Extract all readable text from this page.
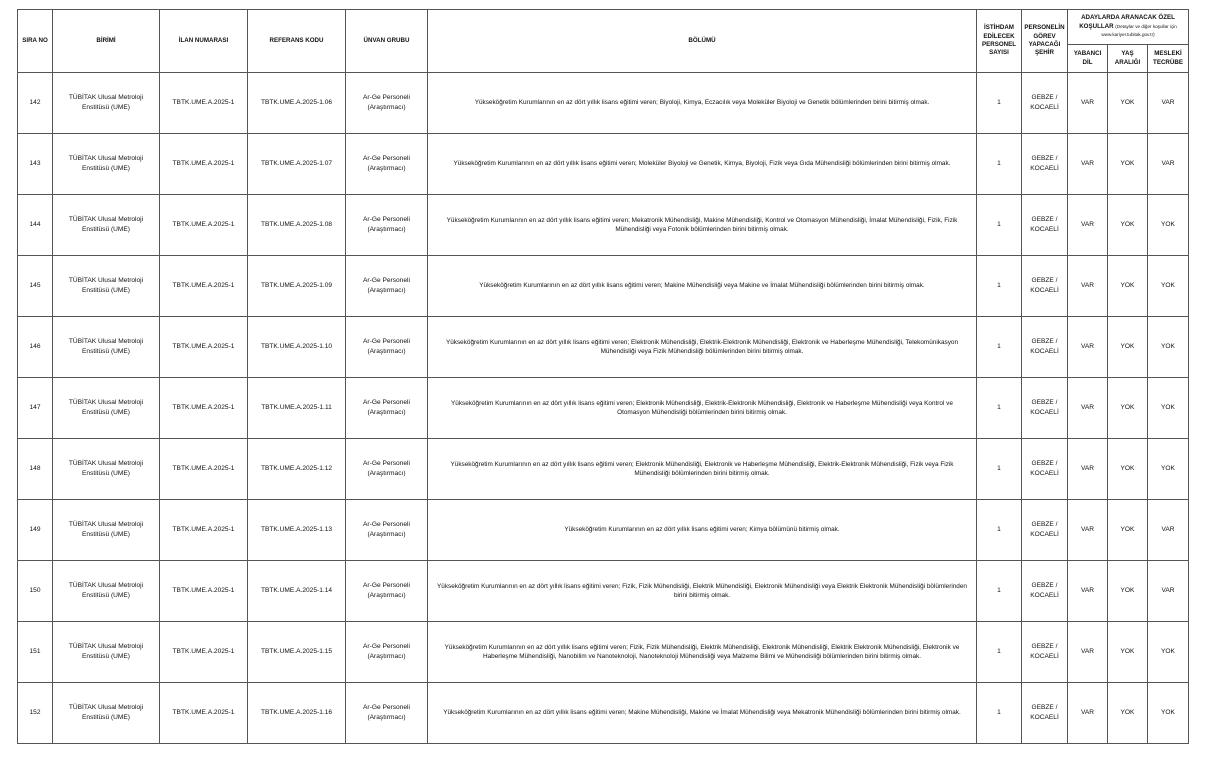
SIRA NO	BİRİMİ	İLAN NUMARASI	REFERANS KODU	ÜNVAN GRUBU	BÖLÜMÜ	İSTİHDAM EDİLECEK PERSONEL SAYISI	PERSONELİN GÖREV YAPACAĞI ŞEHİR	ADAYLARDA ARANACAK ÖZEL
KOŞULLAR (Detaylar ve diğer koşullar için www.kariyer.tubitak.gov.tr)		

								YABANCI DİL	YAŞ ARALIĞI	MESLEKİ TECRÜBE
142	TÜBİTAK Ulusal Metroloji Enstitüsü (UME)	TBTK.UME.A.2025-1	TBTK.UME.A.2025-1.06	Ar-Ge Personeli (Araştırmacı)	Yükseköğretim Kurumlarının en az dört yıllık lisans eğitimi veren; Biyoloji, Kimya, Eczacılık veya Moleküler Biyoloji ve Genetik bölümlerinden birini bitirmiş olmak.	1	GEBZE / KOCAELİ	VAR	YOK	VAR
143	TÜBİTAK Ulusal Metroloji Enstitüsü (UME)	TBTK.UME.A.2025-1	TBTK.UME.A.2025-1.07	Ar-Ge Personeli (Araştırmacı)	Yükseköğretim Kurumlarının en az dört yıllık lisans eğitimi veren; Moleküler Biyoloji ve Genetik, Kimya, Biyoloji, Fizik veya Gıda Mühendisliği bölümlerinden birini bitirmiş olmak.	1	GEBZE / KOCAELİ	VAR	YOK	VAR
144	TÜBİTAK Ulusal Metroloji Enstitüsü (UME)	TBTK.UME.A.2025-1	TBTK.UME.A.2025-1.08	Ar-Ge Personeli (Araştırmacı)	Yükseköğretim Kurumlarının en az dört yıllık lisans eğitimi veren; Mekatronik Mühendisliği, Makine Mühendisliği, Kontrol ve Otomasyon Mühendisliği, İmalat Mühendisliği, Fizik, Fizik Mühendisliği veya Fotonik bölümlerinden birini bitirmiş olmak.	1	GEBZE / KOCAELİ	VAR	YOK	YOK
145	TÜBİTAK Ulusal Metroloji Enstitüsü (UME)	TBTK.UME.A.2025-1	TBTK.UME.A.2025-1.09	Ar-Ge Personeli (Araştırmacı)	Yükseköğretim Kurumlarının en az dört yıllık lisans eğitimi veren; Makine Mühendisliği veya Makine ve İmalat Mühendisliği bölümlerinden birini bitirmiş olmak.	1	GEBZE / KOCAELİ	VAR	YOK	YOK
146	TÜBİTAK Ulusal Metroloji Enstitüsü (UME)	TBTK.UME.A.2025-1	TBTK.UME.A.2025-1.10	Ar-Ge Personeli (Araştırmacı)	Yükseköğretim Kurumlarının en az dört yıllık lisans eğitimi veren; Elektronik Mühendisliği, Elektrik-Elektronik Mühendisliği, Elektronik ve Haberleşme Mühendisliği, Telekomünikasyon Mühendisliği veya Fizik Mühendisliği bölümlerinden birini bitirmiş olmak.	1	GEBZE / KOCAELİ	VAR	YOK	YOK
147	TÜBİTAK Ulusal Metroloji Enstitüsü (UME)	TBTK.UME.A.2025-1	TBTK.UME.A.2025-1.11	Ar-Ge Personeli (Araştırmacı)	Yükseköğretim Kurumlarının en az dört yıllık lisans eğitimi veren; Elektronik Mühendisliği, Elektrik-Elektronik Mühendisliği, Elektronik ve Haberleşme Mühendisliği veya Kontrol ve Otomasyon Mühendisliği bölümlerinden birini bitirmiş olmak.	1	GEBZE / KOCAELİ	VAR	YOK	YOK
148	TÜBİTAK Ulusal Metroloji Enstitüsü (UME)	TBTK.UME.A.2025-1	TBTK.UME.A.2025-1.12	Ar-Ge Personeli (Araştırmacı)	Yükseköğretim Kurumlarının en az dört yıllık lisans eğitimi veren; Elektronik Mühendisliği, Elektronik ve Haberleşme Mühendisliği, Elektrik-Elektronik Mühendisliği, Fizik veya Fizik Mühendisliği bölümlerinden birini bitirmiş olmak.	1	GEBZE / KOCAELİ	VAR	YOK	YOK
149	TÜBİTAK Ulusal Metroloji Enstitüsü (UME)	TBTK.UME.A.2025-1	TBTK.UME.A.2025-1.13	Ar-Ge Personeli (Araştırmacı)	Yükseköğretim Kurumlarının en az dört yıllık lisans eğitimi veren; Kimya bölümünü bitirmiş olmak.	1	GEBZE / KOCAELİ	VAR	YOK	VAR
150	TÜBİTAK Ulusal Metroloji Enstitüsü (UME)	TBTK.UME.A.2025-1	TBTK.UME.A.2025-1.14	Ar-Ge Personeli (Araştırmacı)	Yükseköğretim Kurumlarının en az dört yıllık lisans eğitimi veren; Fizik, Fizik Mühendisliği, Elektrik Mühendisliği, Elektronik Mühendisliği veya Elektrik Elektronik Mühendisliği bölümlerinden birini bitirmiş olmak.	1	GEBZE / KOCAELİ	VAR	YOK	VAR
151	TÜBİTAK Ulusal Metroloji Enstitüsü (UME)	TBTK.UME.A.2025-1	TBTK.UME.A.2025-1.15	Ar-Ge Personeli (Araştırmacı)	Yükseköğretim Kurumlarının en az dört yıllık lisans eğitimi veren; Fizik, Fizik Mühendisliği, Elektrik Mühendisliği, Elektronik Mühendisliği, Elektrik Elektronik Mühendisliği, Elektronik ve Haberleşme Mühendisliği, Nanobilim ve Nanoteknoloji, Nanoteknoloji Mühendisliği veya Malzeme Bilimi ve Mühendisliği bölümlerinden birini bitirmiş olmak.	1	GEBZE / KOCAELİ	VAR	YOK	YOK
152	TÜBİTAK Ulusal Metroloji Enstitüsü (UME)	TBTK.UME.A.2025-1	TBTK.UME.A.2025-1.16	Ar-Ge Personeli (Araştırmacı)	Yükseköğretim Kurumlarının en az dört yıllık lisans eğitimi veren; Makine Mühendisliği, Makine ve İmalat Mühendisliği veya Mekatronik Mühendisliği bölümlerinden birini bitirmiş olmak.	1	GEBZE / KOCAELİ	VAR	YOK	YOK
